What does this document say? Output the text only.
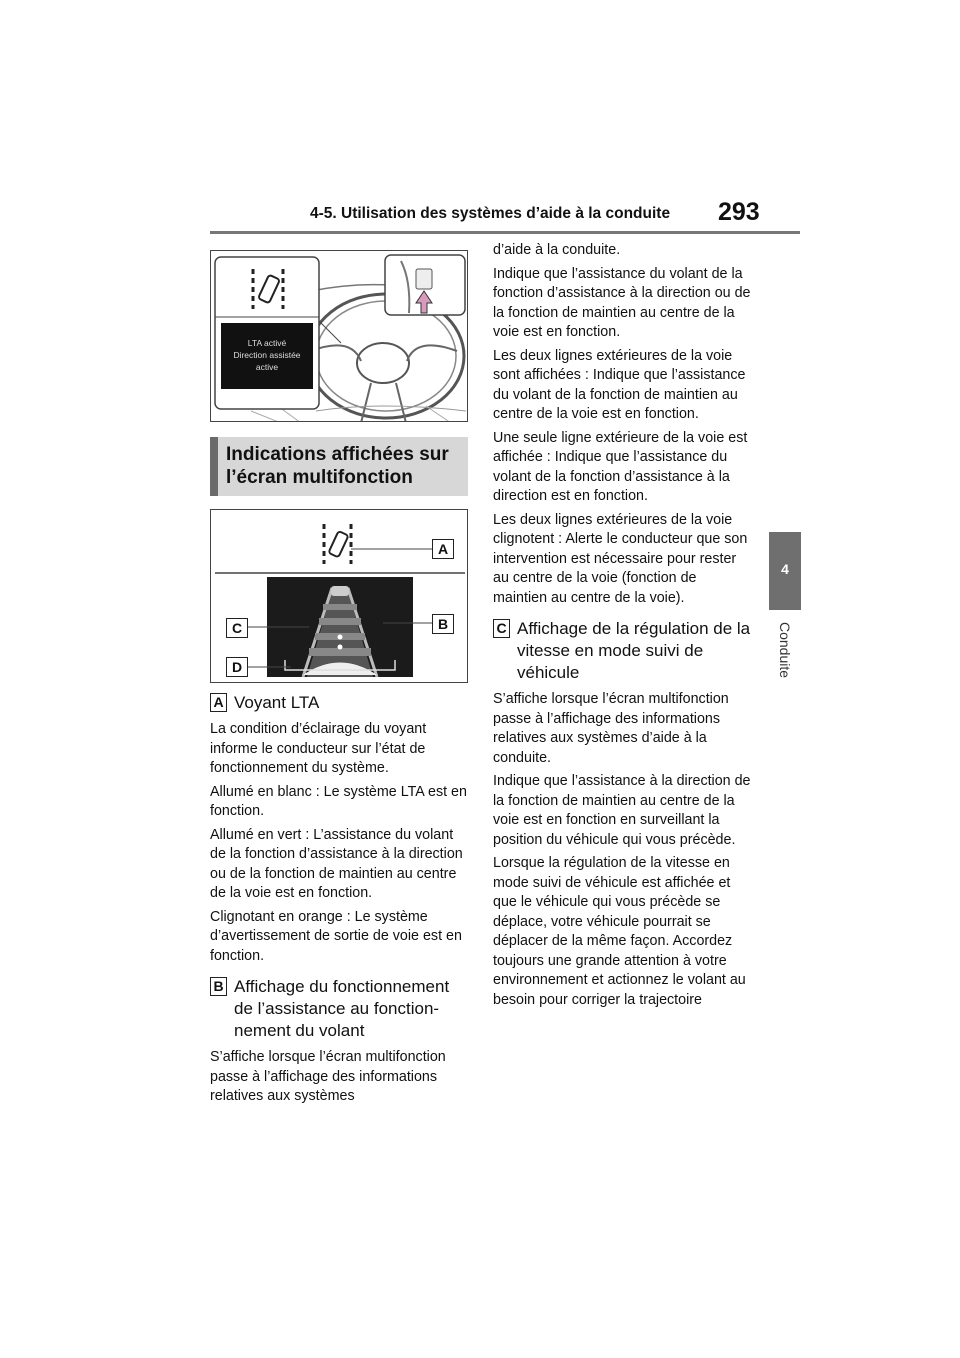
4-5. Utilisation des systèmes d’aide à la conduite 293
4
Conduite
LTA activé
Direction assistée
active
Indications affichées sur
l’écran multifonction
A
B
C
D
A Voyant LTA

La condition d’éclairage du voyant informe le conducteur sur l’état de fonctionnement du système.

Allumé en blanc : Le système LTA est en fonction.

Allumé en vert : L’assistance du volant de la fonction d’assistance à la direction ou de la fonction de maintien au centre de la voie est en fonction.

Clignotant en orange : Le système d’avertissement de sortie de voie est en fonction.

B Affichage du fonctionnement de l’assistance au fonctionnement du volant

S’affiche lorsque l’écran multifonction passe à l’affichage des informations relatives aux systèmes

d’aide à la conduite.

Indique que l’assistance du volant de la fonction d’assistance à la direction ou de la fonction de maintien au centre de la voie est en fonction.

Les deux lignes extérieures de la voie sont affichées : Indique que l’assistance du volant de la fonction de maintien au centre de la voie est en fonction.

Une seule ligne extérieure de la voie est affichée : Indique que l’assistance du volant de la fonction d’assistance à la direction est en fonction.

Les deux lignes extérieures de la voie clignotent : Alerte le conducteur que son intervention est nécessaire pour rester au centre de la voie (fonction de maintien au centre de la voie).

C Affichage de la régulation de la vitesse en mode suivi de véhicule

S’affiche lorsque l’écran multifonction passe à l’affichage des informations relatives aux systèmes d’aide à la conduite.

Indique que l’assistance à la direction de la fonction de maintien au centre de la voie est en fonction en surveillant la position du véhicule qui vous précède.

Lorsque la régulation de la vitesse en mode suivi de véhicule est affichée et que le véhicule qui vous précède se déplace, votre véhicule pourrait se déplacer de la même façon. Accordez toujours une grande attention à votre environnement et actionnez le volant au besoin pour corriger la trajectoire
